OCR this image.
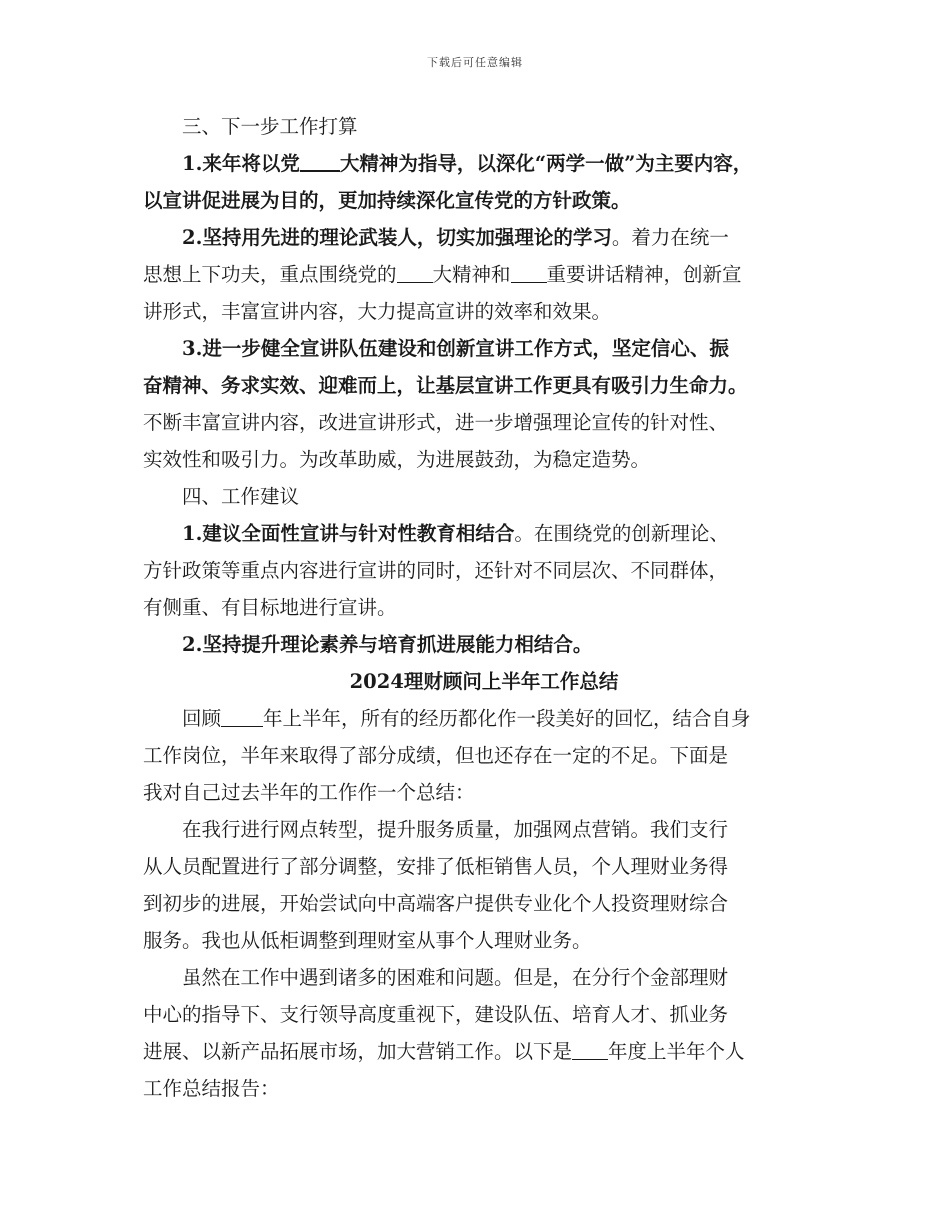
下载后可任意编辑
三、下一步工作打算
1.来年将以党 大精神为指导，以深化“两学一做”为主要内容，
以宣讲促进展为目的，更加持续深化宣传党的方针政策。
2.坚持用先进的理论武装人，切实加强理论的学习。着力在统一
思想上下功夫，重点围绕党的 大精神和 重要讲话精神，创新宣
讲形式，丰富宣讲内容，大力提高宣讲的效率和效果。
3.进一步健全宣讲队伍建设和创新宣讲工作方式，坚定信心、振
奋精神、务求实效、迎难而上，让基层宣讲工作更具有吸引力生命力。
不断丰富宣讲内容，改进宣讲形式，进一步增强理论宣传的针对性、
实效性和吸引力。为改革助威，为进展鼓劲，为稳定造势。
四、工作建议
1.建议全面性宣讲与针对性教育相结合。在围绕党的创新理论、
方针政策等重点内容进行宣讲的同时，还针对不同层次、不同群体，
有侧重、有目标地进行宣讲。
2.坚持提升理论素养与培育抓进展能力相结合。
2024理财顾问上半年工作总结
回顾 年上半年，所有的经历都化作一段美好的回忆，结合自身
工作岗位，半年来取得了部分成绩，但也还存在一定的不足。下面是
我对自己过去半年的工作作一个总结：
在我行进行网点转型，提升服务质量，加强网点营销。我们支行
从人员配置进行了部分调整，安排了低柜销售人员，个人理财业务得
到初步的进展，开始尝试向中高端客户提供专业化个人投资理财综合
服务。我也从低柜调整到理财室从事个人理财业务。
虽然在工作中遇到诸多的困难和问题。但是，在分行个金部理财
中心的指导下、支行领导高度重视下，建设队伍、培育人才、抓业务
进展、以新产品拓展市场，加大营销工作。以下是 年度上半年个人
工作总结报告：
